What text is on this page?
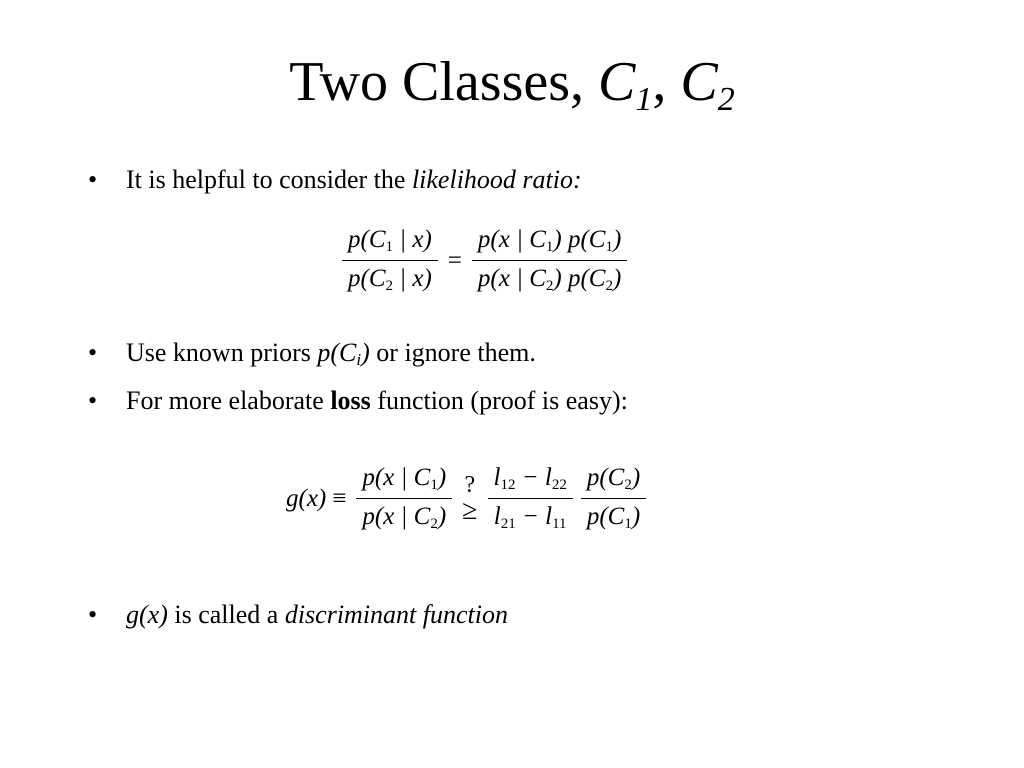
Two Classes, $C_1$, $C_2$
• It is helpful to consider the likelihood ratio:
$\frac{p(C_1 | x)}{p(C_2 | x)} = \frac{p(x | C_1) p(C_1)}{p(x | C_2) p(C_2)}$
• Use known priors $p(C_i)$ or ignore them.
• For more elaborate loss function (proof is easy):
$g(x) \equiv \frac{p(x | C_1)}{p(x | C_2)}$ ?
≥ $\frac{l_{12} - l_{22}}{l_{21} - l_{11}} \frac{p(C_2)}{p(C_1)}$
• g(x) is called a discriminant function
